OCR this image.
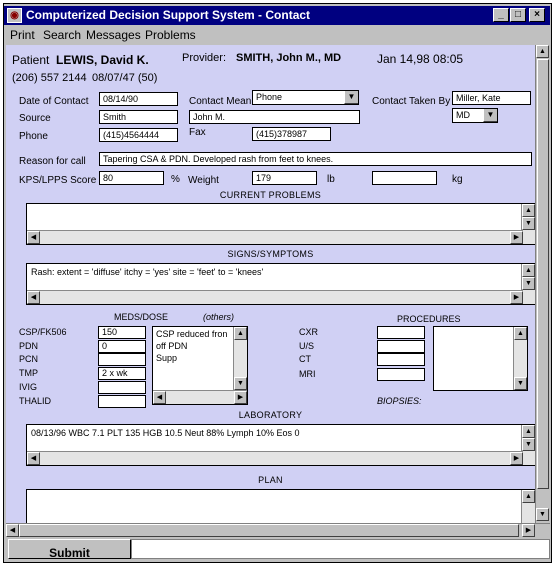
◉ Computerized Decision Support System - Contact	_	□	×
Print Search Messages Problems
Patient LEWIS, David K.	Provider: SMITH, John M., MD	Jan 14,98 08:05
(206) 557 2144 08/07/47 (50)
Date of Contact	08/14/90	Contact Mean Phone	▼	Contact Taken By Miller, Kate
Source	Smith	John M.	MD	▼
Phone	(415)4564444	Fax	(415)378987
Reason for call	Tapering CSA & PDN. Developed rash from feet to knees.
KPS/LPPS Score 80	% Weight	179	lb	kg
CURRENT PROBLEMS
▲
▼
◀	▶
SIGNS/SYMPTOMS
Rash: extent = 'diffuse' itchy = 'yes' site = 'feet' to = 'knees'	▲
▼
◀	▶
MEDS/DOSE	(others)
CSP/FK506	150
PDN	0
PCN
TMP	2 x wk
IVIG
THALID
CSP reduced fron
off PDN
Supp
▲
▼
◀	▶
PROCEDURES
CXR
U/S
CT
MRI
BIOPSIES:
▲
▼
LABORATORY
08/13/96 WBC 7.1 PLT 135 HGB 10.5 Neut 88% Lymph 10% Eos 0	▲
▼
◀	▶
PLAN
▲
▲
▼
◀	▶
Submit
